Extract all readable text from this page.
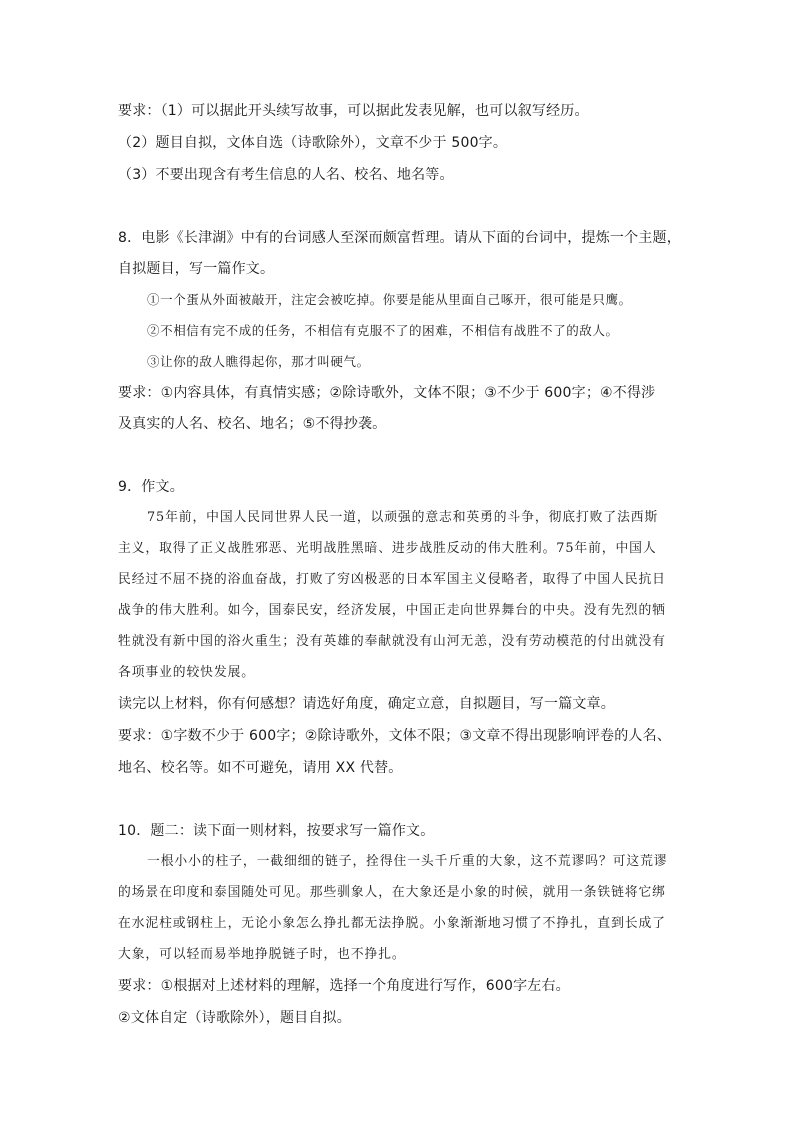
要求：（1）可以据此开头续写故事，可以据此发表见解，也可以叙写经历。
（2）题目自拟，文体自选（诗歌除外），文章不少于 500字。
（3）不要出现含有考生信息的人名、校名、地名等。
8．电影《长津湖》中有的台词感人至深而颇富哲理。请从下面的台词中，提炼一个主题，
自拟题目，写一篇作文。
①一个蛋从外面被敲开，注定会被吃掉。你要是能从里面自己啄开，很可能是只鹰。
②不相信有完不成的任务，不相信有克服不了的困难，不相信有战胜不了的敌人。
③让你的敌人瞧得起你，那才叫硬气。
要求：①内容具体，有真情实感；②除诗歌外，文体不限；③不少于 600字；④不得涉
及真实的人名、校名、地名；⑤不得抄袭。
9．作文。
75年前，中国人民同世界人民一道，以顽强的意志和英勇的斗争，彻底打败了法西斯
主义，取得了正义战胜邪恶、光明战胜黑暗、进步战胜反动的伟大胜利。75年前，中国人
民经过不屈不挠的浴血奋战，打败了穷凶极恶的日本军国主义侵略者，取得了中国人民抗日
战争的伟大胜利。如今，国泰民安，经济发展，中国正走向世界舞台的中央。没有先烈的牺
牲就没有新中国的浴火重生；没有英雄的奉献就没有山河无恙，没有劳动模范的付出就没有
各项事业的较快发展。
读完以上材料，你有何感想？请选好角度，确定立意，自拟题目，写一篇文章。
要求：①字数不少于 600字；②除诗歌外，文体不限；③文章不得出现影响评卷的人名、
地名、校名等。如不可避免，请用 XX 代替。
10．题二：读下面一则材料，按要求写一篇作文。
一根小小的柱子，一截细细的链子，拴得住一头千斤重的大象，这不荒谬吗？可这荒谬
的场景在印度和泰国随处可见。那些驯象人，在大象还是小象的时候，就用一条铁链将它绑
在水泥柱或钢柱上，无论小象怎么挣扎都无法挣脱。小象渐渐地习惯了不挣扎，直到长成了
大象，可以轻而易举地挣脱链子时，也不挣扎。
要求：①根据对上述材料的理解，选择一个角度进行写作，600字左右。
②文体自定（诗歌除外），题目自拟。
